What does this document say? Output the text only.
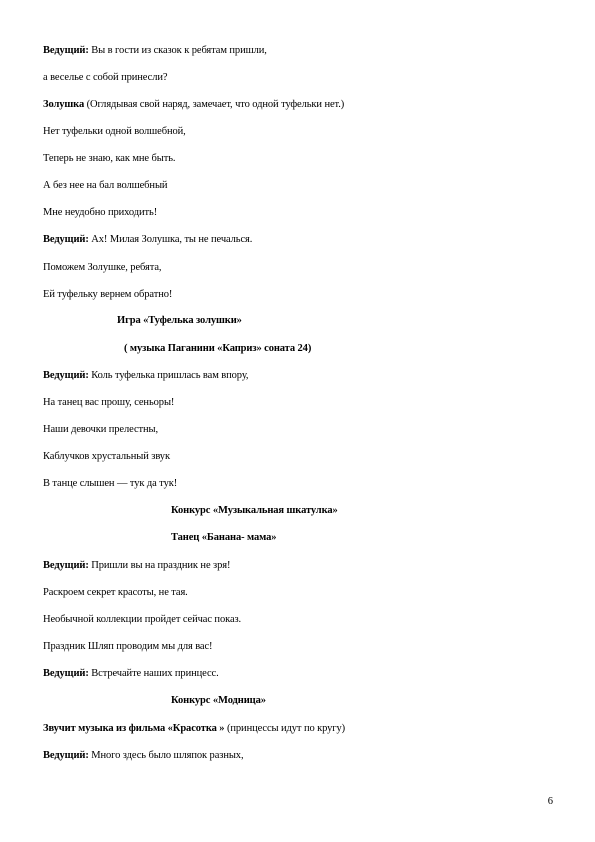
Ведущий: Вы в гости из сказок к ребятам пришли,
а веселье с собой принесли?
Золушка (Оглядывая свой наряд, замечает, что одной туфельки нет.)
Нет туфельки одной волшебной,
Теперь не знаю, как мне быть.
А без нее на бал волшебный
Мне неудобно приходить!
Ведущий: Ах! Милая Золушка, ты не печалься.
Поможем Золушке, ребята,
Ей туфельку вернем обратно!
Игра «Туфелька золушки»
( музыка Паганини «Каприз» соната 24)
Ведущий: Коль туфелька пришлась вам впору,
На танец вас прошу, сеньоры!
Наши девочки прелестны,
Каблучков хрустальный звук
В танце слышен — тук да тук!
Конкурс «Музыкальная шкатулка»
Танец «Банана- мама»
Ведущий: Пришли вы на праздник не зря!
Раскроем секрет красоты, не тая.
Необычной коллекции пройдет сейчас показ.
Праздник Шляп проводим мы для вас!
Ведущий: Встречайте наших принцесс.
Конкурс «Модница»
Звучит музыка из фильма «Красотка » (принцессы идут по кругу)
Ведущий: Много здесь было шляпок разных,
6
